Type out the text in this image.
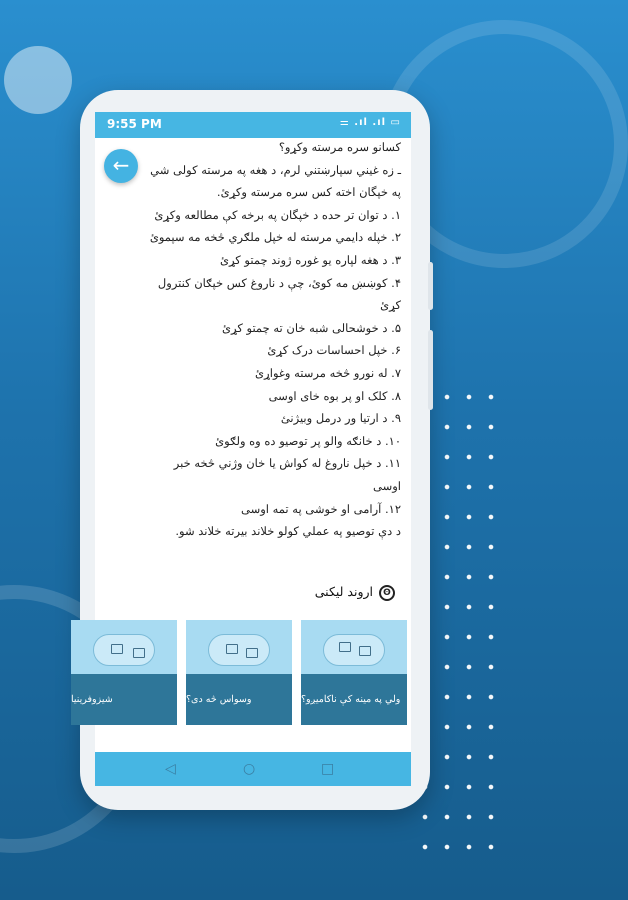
9:55 PM	⚌ .ıl .ıl ▭
کسانو سره مرسته وکړو؟
ـ زه غیني سپارښتني لرم، د هغه په مرسته کولی شي
په خپگان اخته کس سره مرسته وکړئ.
۱. د توان تر حده د خپگان په برخه کې مطالعه وکړئ
۲. خپله دایمي مرسته له خپل ملګري څخه مه سپموئ
۳. د هغه لپاره یو غوره ژوند چمتو کړئ
۴. کوښښ مه کوئ، چې د ناروغ کس خپګان کنترول
کړئ
۵. د خوشحالی شبه خان ته چمتو کړئ
۶. خپل احساسات درک کړئ
۷. له نورو څخه مرسته وغواړئ
۸. کلک او پر بوه خای اوسی
۹. د ارتیا ور درمل وبیژنئ
۱۰. د خانګه والو پر توصیو ده وه ولګوئ
۱۱. د خپل ناروغ له کواش یا خان وژني څخه خبر
اوسی
۱۲. آرامی او خوشی په تمه اوسی
د دې توصیو په عملي کولو خلاند بیرته خلاند شو.
ʘ
اروند لیکنی
ولي په مینه کې ناکامیږو؟
وسواس څه دی؟
شیزوفرینیا
◁	○	□
←
